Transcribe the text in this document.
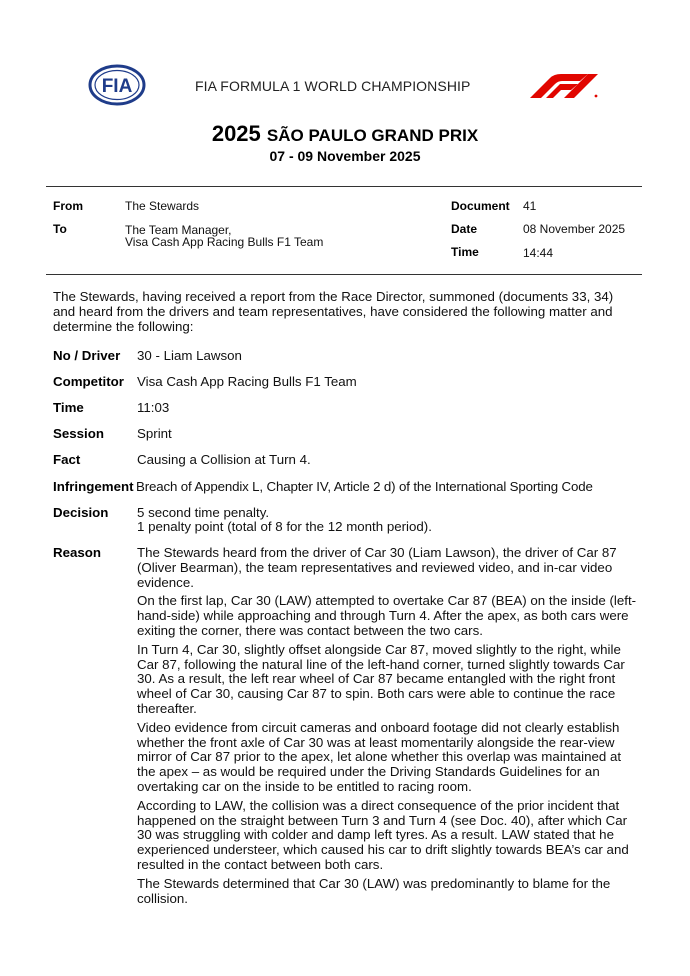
FIA	FIA FORMULA 1 WORLD CHAMPIONSHIP
2025 SÃO PAULO GRAND PRIX
07 - 09 November 2025
From	The Stewards
To	The Team Manager,
Visa Cash App Racing Bulls F1 Team
Document 41
Date	08 November 2025
Time	14:44
The Stewards, having received a report from the Race Director, summoned (documents 33, 34) and heard from the drivers and team representatives, have considered the following matter and determine the following:
No / Driver 30 - Liam Lawson
Competitor Visa Cash App Racing Bulls F1 Team
Time	11:03
Session Sprint
Fact	Causing a Collision at Turn 4.
Infringement Breach of Appendix L, Chapter IV, Article 2 d) of the International Sporting Code
Decision 5 second time penalty.
1 penalty point (total of 8 for the 12 month period).
Reason	The Stewards heard from the driver of Car 30 (Liam Lawson), the driver of Car 87 (Oliver Bearman), the team representatives and reviewed video, and in-car video evidence.

On the first lap, Car 30 (LAW) attempted to overtake Car 87 (BEA) on the inside (left-hand-side) while approaching and through Turn 4. After the apex, as both cars were exiting the corner, there was contact between the two cars.

In Turn 4, Car 30, slightly offset alongside Car 87, moved slightly to the right, while Car 87, following the natural line of the left-hand corner, turned slightly towards Car 30. As a result, the left rear wheel of Car 87 became entangled with the right front wheel of Car 30, causing Car 87 to spin. Both cars were able to continue the race thereafter.

Video evidence from circuit cameras and onboard footage did not clearly establish whether the front axle of Car 30 was at least momentarily alongside the rear-view mirror of Car 87 prior to the apex, let alone whether this overlap was maintained at the apex – as would be required under the Driving Standards Guidelines for an overtaking car on the inside to be entitled to racing room.

According to LAW, the collision was a direct consequence of the prior incident that happened on the straight between Turn 3 and Turn 4 (see Doc. 40), after which Car 30 was struggling with colder and damp left tyres. As a result. LAW stated that he experienced understeer, which caused his car to drift slightly towards BEA’s car and resulted in the contact between both cars.

The Stewards determined that Car 30 (LAW) was predominantly to blame for the collision.
